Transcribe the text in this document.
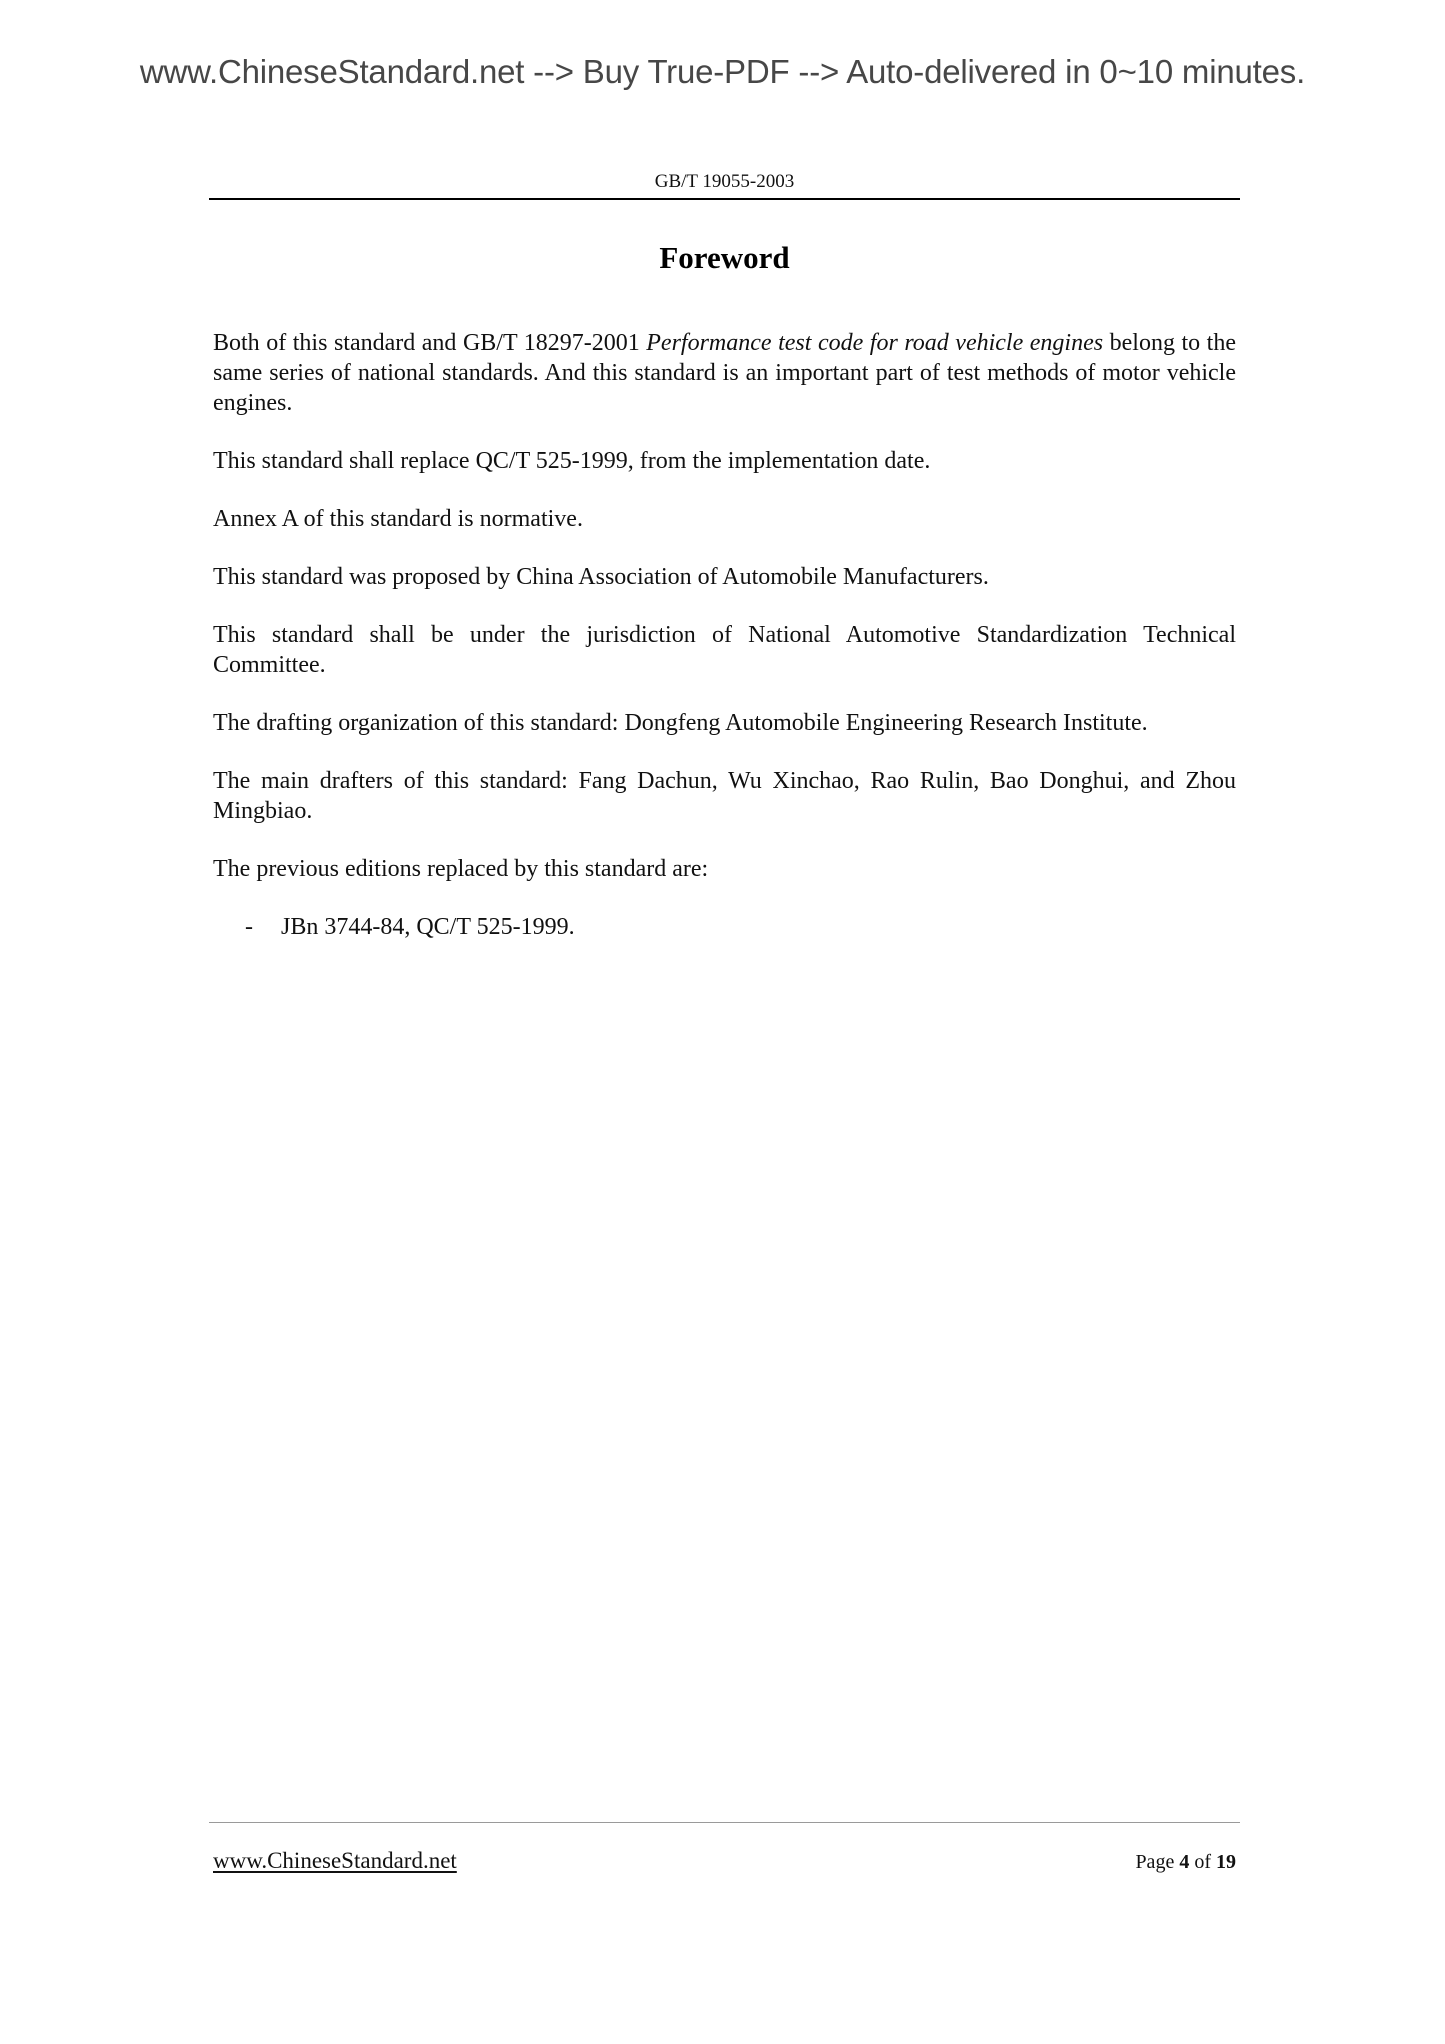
www.ChineseStandard.net --> Buy True-PDF --> Auto-delivered in 0~10 minutes.
GB/T 19055-2003
Foreword

Both of this standard and GB/T 18297-2001 Performance test code for road vehicle engines belong to the same series of national standards. And this standard is an important part of test methods of motor vehicle engines.

This standard shall replace QC/T 525-1999, from the implementation date.

Annex A of this standard is normative.

This standard was proposed by China Association of Automobile Manufacturers.

This standard shall be under the jurisdiction of National Automotive Standardization Technical Committee.

The drafting organization of this standard: Dongfeng Automobile Engineering Research Institute.

The main drafters of this standard: Fang Dachun, Wu Xinchao, Rao Rulin, Bao Donghui, and Zhou Mingbiao.

The previous editions replaced by this standard are:

- JBn 3744-84, QC/T 525-1999.
www.ChineseStandard.net	Page 4 of 19
